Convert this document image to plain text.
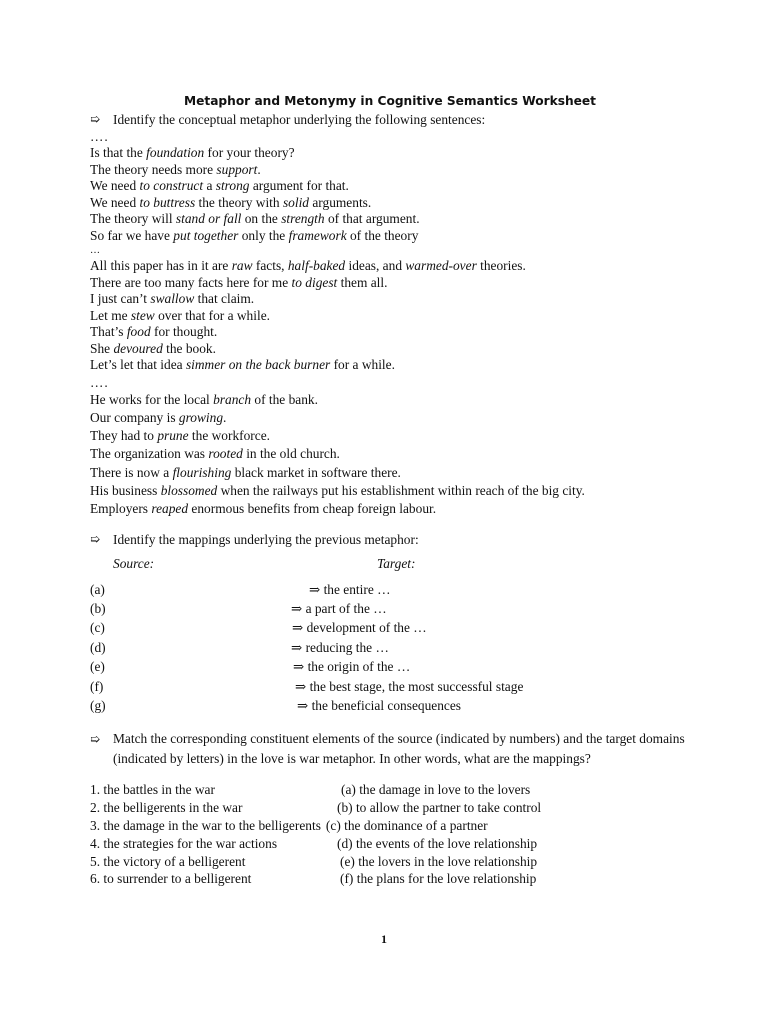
Metaphor and Metonymy in Cognitive Semantics Worksheet
➯ Identify the conceptual metaphor underlying the following sentences:
….
Is that the foundation for your theory?
The theory needs more support.
We need to construct a strong argument for that.
We need to buttress the theory with solid arguments.
The theory will stand or fall on the strength of that argument.
So far we have put together only the framework of the theory
…
All this paper has in it are raw facts, half-baked ideas, and warmed-over theories.
There are too many facts here for me to digest them all.
I just can’t swallow that claim.
Let me stew over that for a while.
That’s food for thought.
She devoured the book.
Let’s let that idea simmer on the back burner for a while.
….
He works for the local branch of the bank.
Our company is growing.
They had to prune the workforce.
The organization was rooted in the old church.
There is now a flourishing black market in software there.
His business blossomed when the railways put his establishment within reach of the big city.
Employers reaped enormous benefits from cheap foreign labour.
➯ Identify the mappings underlying the previous metaphor:
Source:	Target:
(a)	⇒ the entire …
(b)	⇒ a part of the …
(c)	⇒ development of the …
(d)	⇒ reducing the …
(e)	⇒ the origin of the …
(f)	⇒ the best stage, the most successful stage
(g)	⇒ the beneficial consequences
➯ Match the corresponding constituent elements of the source (indicated by numbers) and the target domains (indicated by letters) in the love is war metaphor. In other words, what are the mappings?
1. the battles in the war	(a) the damage in love to the lovers
2. the belligerents in the war	(b) to allow the partner to take control
3. the damage in the war to the belligerents (c) the dominance of a partner
4. the strategies for the war actions	(d) the events of the love relationship
5. the victory of a belligerent	(e) the lovers in the love relationship
6. to surrender to a belligerent	(f) the plans for the love relationship
1
